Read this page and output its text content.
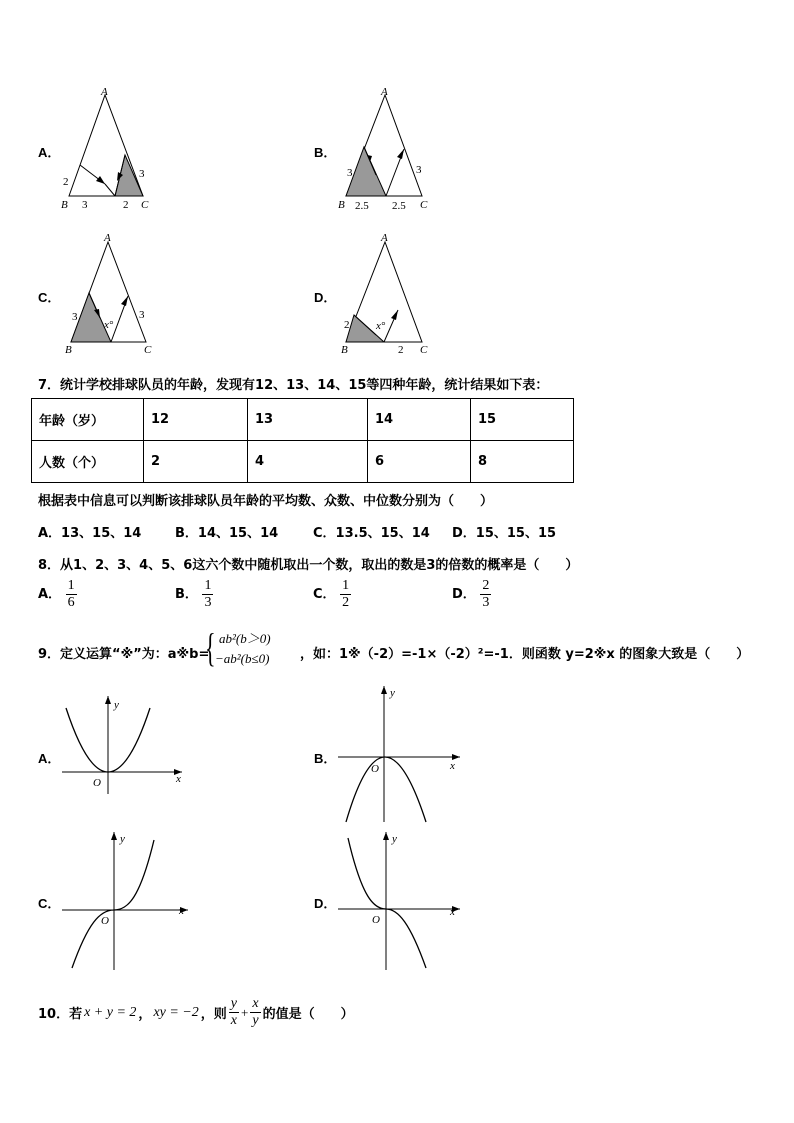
A．
A
B	C
2
3	2
3
B．
A
B	C
3
2.5 2.5
3
C．
A
B	C
3
x°
3
D．
A
B	C
2 x°
2
7．统计学校排球队员的年龄，发现有12、13、14、15等四种年龄，统计结果如下表：
年龄（岁）	12	13	14	15
人数（个）	2	4	6	8
根据表中信息可以判断该排球队员年龄的平均数、众数、中位数分别为（　　）
A．13、15、14	B．14、15、14	C．13.5、15、14 D．15、15、15
8．从1、2、3、4、5、6这六个数中随机取出一个数，取出的数是3的倍数的概率是（　　）
A． $\frac{1}{6}$	B． $\frac{1}{3}$	C． $\frac{1}{2}$	D． $\frac{2}{3}$
9．定义运算“※”为：a※b=
{ ab²(b＞0)
−ab²(b≤0) ，如：1※（-2）=-1×（-2）²=-1．则函数 y=2※x 的图象大致是（　　）
A．
x
y
O
B．	x
y
O
C．	x
y
O
D．
x
y
O
10．若 x + y = 2 ， xy = −2 ，则 $\frac{y}{x} + \frac{x}{y}$ 的值是（　　）
